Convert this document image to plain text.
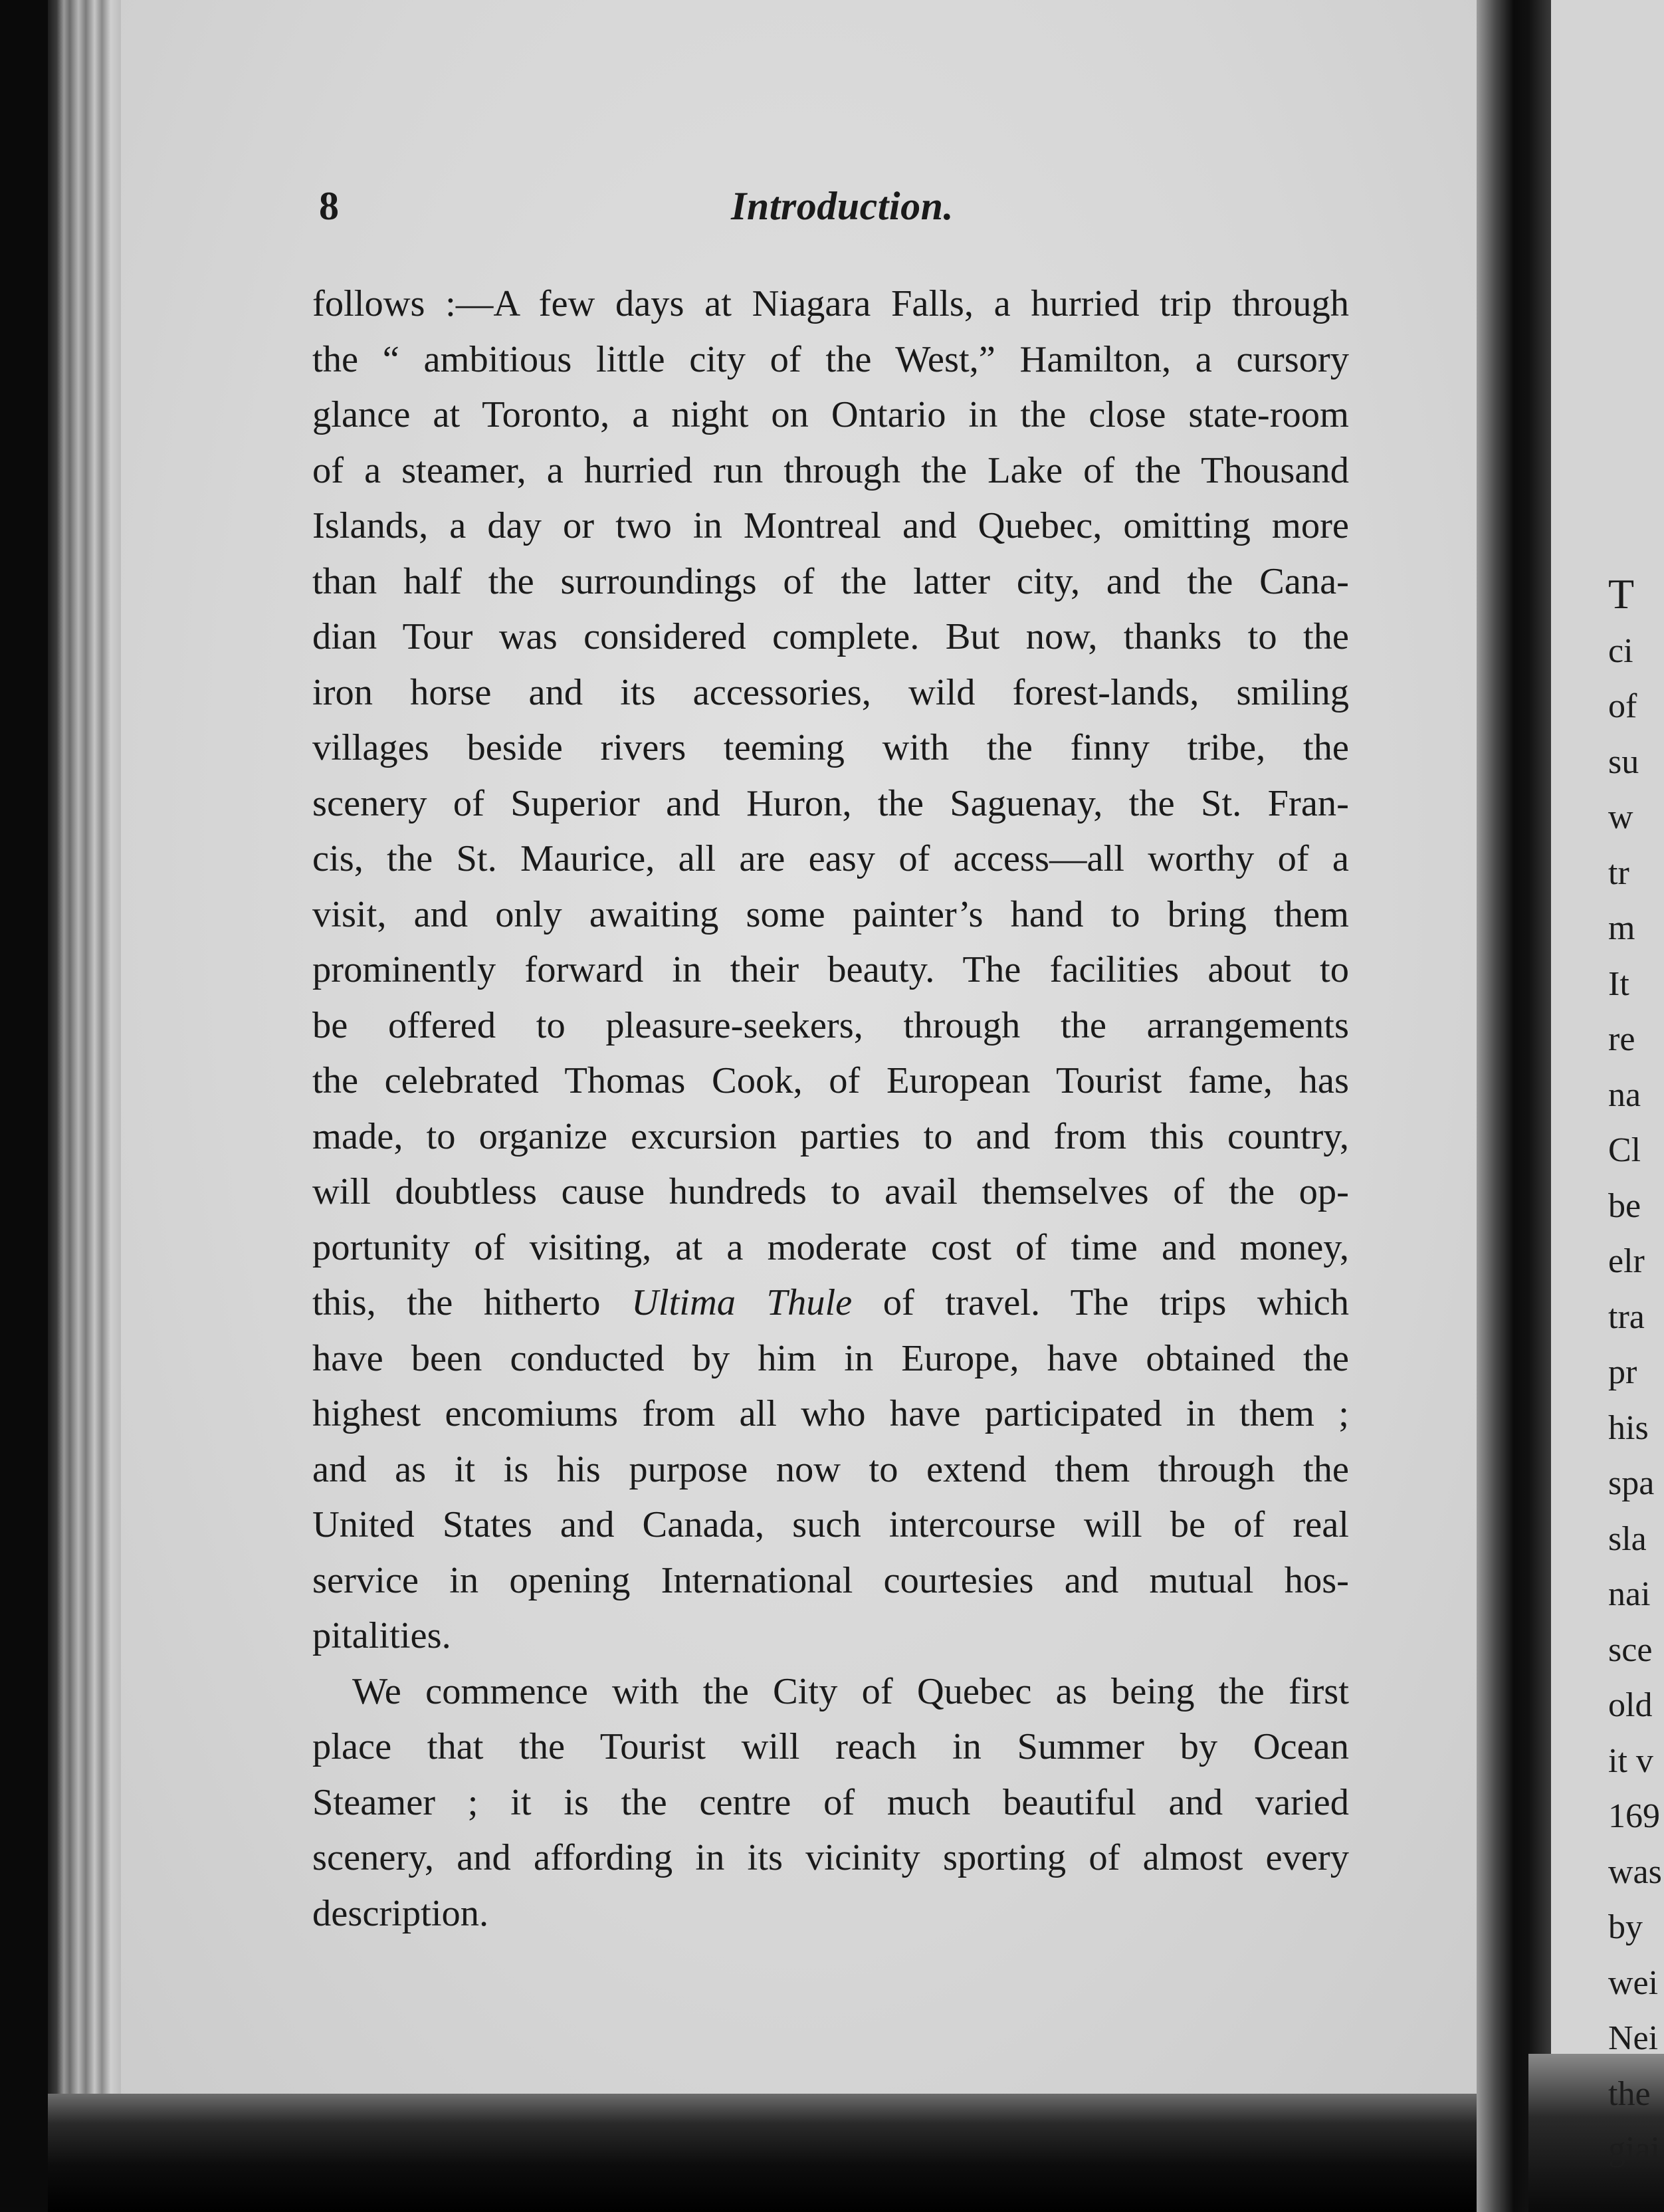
T
ci
of
su
w
tr
m
It
re
na
Cl
be
elr
tra
pr
his
spa
sla
nai
sce
old
it v
169
was
by
wei
Nei
the
giai
8	Introduction.
follows :—A few days at Niagara Falls, a hurried trip through
the “ ambitious little city of the West,” Hamilton, a cursory
glance at Toronto, a night on Ontario in the close state-room
of a steamer, a hurried run through the Lake of the Thousand
Islands, a day or two in Montreal and Quebec, omitting more
than half the surroundings of the latter city, and the Cana-
dian Tour was considered complete. But now, thanks to the
iron horse and its accessories, wild forest-lands, smiling
villages beside rivers teeming with the finny tribe, the
scenery of Superior and Huron, the Saguenay, the St. Fran-
cis, the St. Maurice, all are easy of access—all worthy of a
visit, and only awaiting some painter’s hand to bring them
prominently forward in their beauty. The facilities about to
be offered to pleasure-seekers, through the arrangements
the celebrated Thomas Cook, of European Tourist fame, has
made, to organize excursion parties to and from this country,
will doubtless cause hundreds to avail themselves of the op-
portunity of visiting, at a moderate cost of time and money,
this, the hitherto Ultima Thule of travel. The trips which
have been conducted by him in Europe, have obtained the
highest encomiums from all who have participated in them ;
and as it is his purpose now to extend them through the
United States and Canada, such intercourse will be of real
service in opening International courtesies and mutual hos-
pitalities.
We commence with the City of Quebec as being the first
place that the Tourist will reach in Summer by Ocean
Steamer ; it is the centre of much beautiful and varied
scenery, and affording in its vicinity sporting of almost every
description.
